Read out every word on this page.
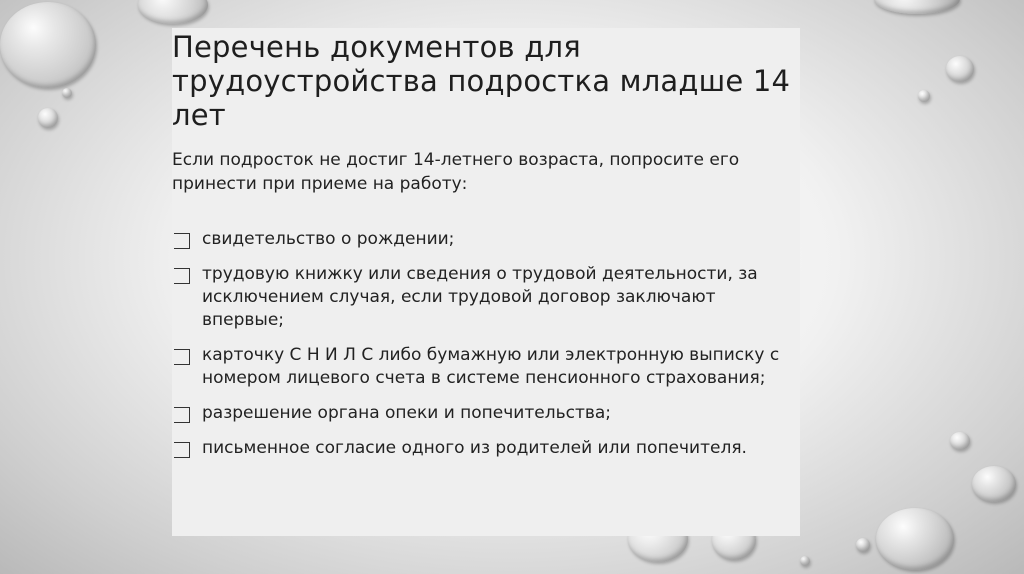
Перечень документов для трудоустройства подростка младше 14 лет

Если подросток не достиг 14-летнего возраста, попросите его принести при приеме на работу:

свидетельство о рождении;
трудовую книжку или сведения о трудовой деятельности, за исключением случая, если трудовой договор заключают впервые;
карточку С Н И Л С либо бумажную или электронную выписку с номером лицевого счета в системе пенсионного страхования;
разрешение органа опеки и попечительства;
письменное согласие одного из родителей или попечителя.
